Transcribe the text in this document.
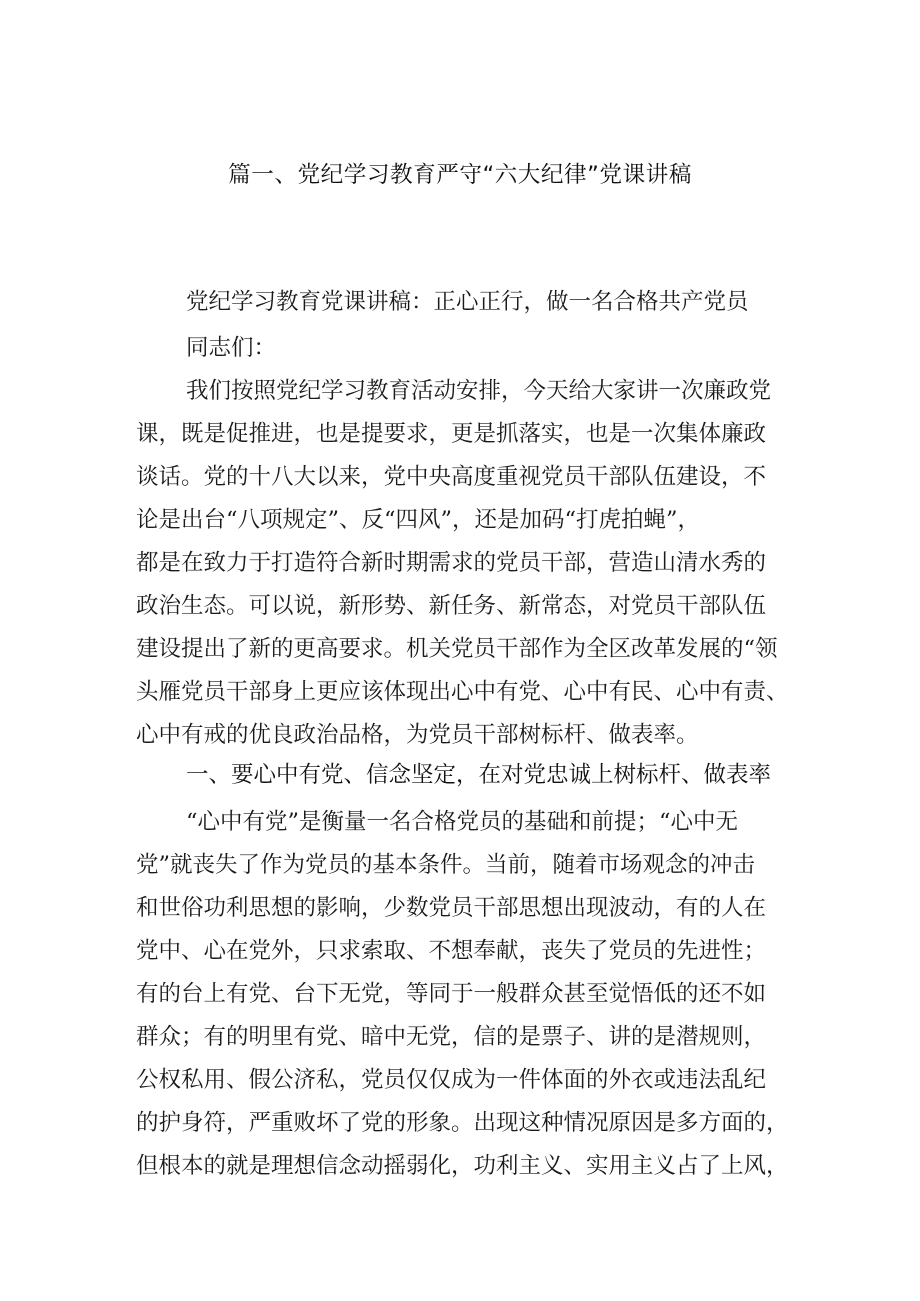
篇一、党纪学习教育严守“六大纪律”党课讲稿
党纪学习教育党课讲稿：正心正行，做一名合格共产党员
同志们：
我们按照党纪学习教育活动安排，今天给大家讲一次廉政党
课，既是促推进，也是提要求，更是抓落实，也是一次集体廉政
谈话。党的十八大以来，党中央高度重视党员干部队伍建设，不
论是出台“八项规定”、反“四风”，还是加码“打虎拍蝇”，
都是在致力于打造符合新时期需求的党员干部，营造山清水秀的
政治生态。可以说，新形势、新任务、新常态，对党员干部队伍
建设提出了新的更高要求。机关党员干部作为全区改革发展的“领
头雁党员干部身上更应该体现出心中有党、心中有民、心中有责、
心中有戒的优良政治品格，为党员干部树标杆、做表率。
一、要心中有党、信念坚定，在对党忠诚上树标杆、做表率
“心中有党”是衡量一名合格党员的基础和前提；“心中无
党”就丧失了作为党员的基本条件。当前，随着市场观念的冲击
和世俗功利思想的影响，少数党员干部思想出现波动，有的人在
党中、心在党外，只求索取、不想奉献，丧失了党员的先进性；
有的台上有党、台下无党，等同于一般群众甚至觉悟低的还不如
群众；有的明里有党、暗中无党，信的是票子、讲的是潜规则，
公权私用、假公济私，党员仅仅成为一件体面的外衣或违法乱纪
的护身符，严重败坏了党的形象。出现这种情况原因是多方面的，
但根本的就是理想信念动摇弱化，功利主义、实用主义占了上风，
